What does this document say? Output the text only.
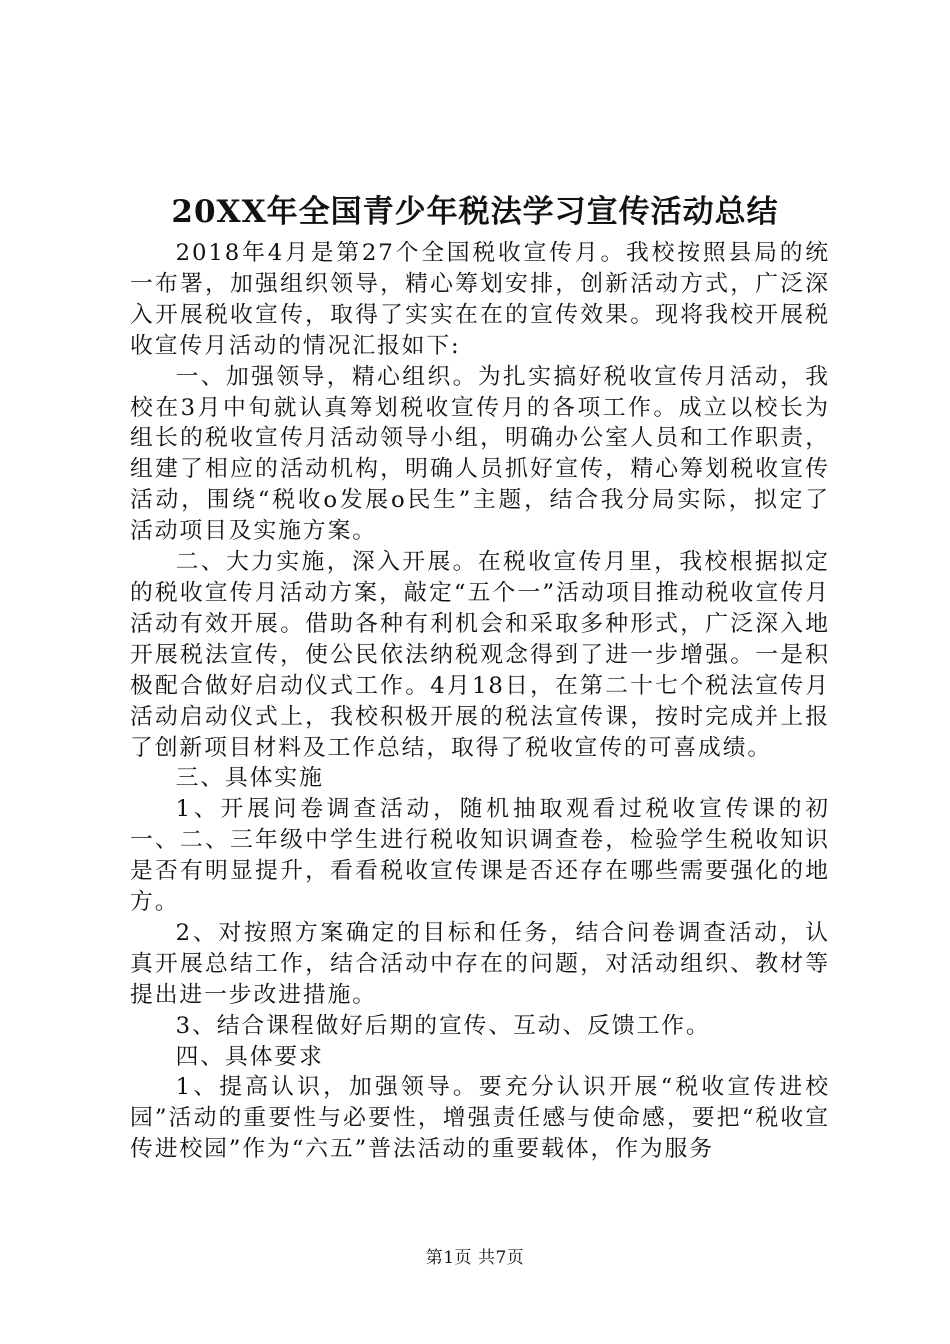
20XX年全国青少年税法学习宣传活动总结

2018年4月是第27个全国税收宣传月。我校按照县局的统一布署，加强组织领导，精心筹划安排，创新活动方式，广泛深入开展税收宣传，取得了实实在在的宣传效果。现将我校开展税收宣传月活动的情况汇报如下:

一、加强领导，精心组织。为扎实搞好税收宣传月活动，我校在3月中旬就认真筹划税收宣传月的各项工作。成立以校长为组长的税收宣传月活动领导小组，明确办公室人员和工作职责，组建了相应的活动机构，明确人员抓好宣传，精心筹划税收宣传活动，围绕“税收o发展o民生”主题，结合我分局实际，拟定了活动项目及实施方案。

二、大力实施，深入开展。在税收宣传月里，我校根据拟定的税收宣传月活动方案，敲定“五个一”活动项目推动税收宣传月活动有效开展。借助各种有利机会和采取多种形式，广泛深入地开展税法宣传，使公民依法纳税观念得到了进一步增强。一是积极配合做好启动仪式工作。4月18日，在第二十七个税法宣传月活动启动仪式上，我校积极开展的税法宣传课，按时完成并上报了创新项目材料及工作总结，取得了税收宣传的可喜成绩。

三、具体实施

1、开展问卷调查活动，随机抽取观看过税收宣传课的初一、二、三年级中学生进行税收知识调查卷，检验学生税收知识是否有明显提升，看看税收宣传课是否还存在哪些需要强化的地方。

2、对按照方案确定的目标和任务，结合问卷调查活动，认真开展总结工作，结合活动中存在的问题，对活动组织、教材等提出进一步改进措施。

3、结合课程做好后期的宣传、互动、反馈工作。

四、具体要求

1、提高认识，加强领导。要充分认识开展“税收宣传进校园”活动的重要性与必要性，增强责任感与使命感，要把“税收宣传进校园”作为“六五”普法活动的重要载体，作为服务

第1页 共7页
